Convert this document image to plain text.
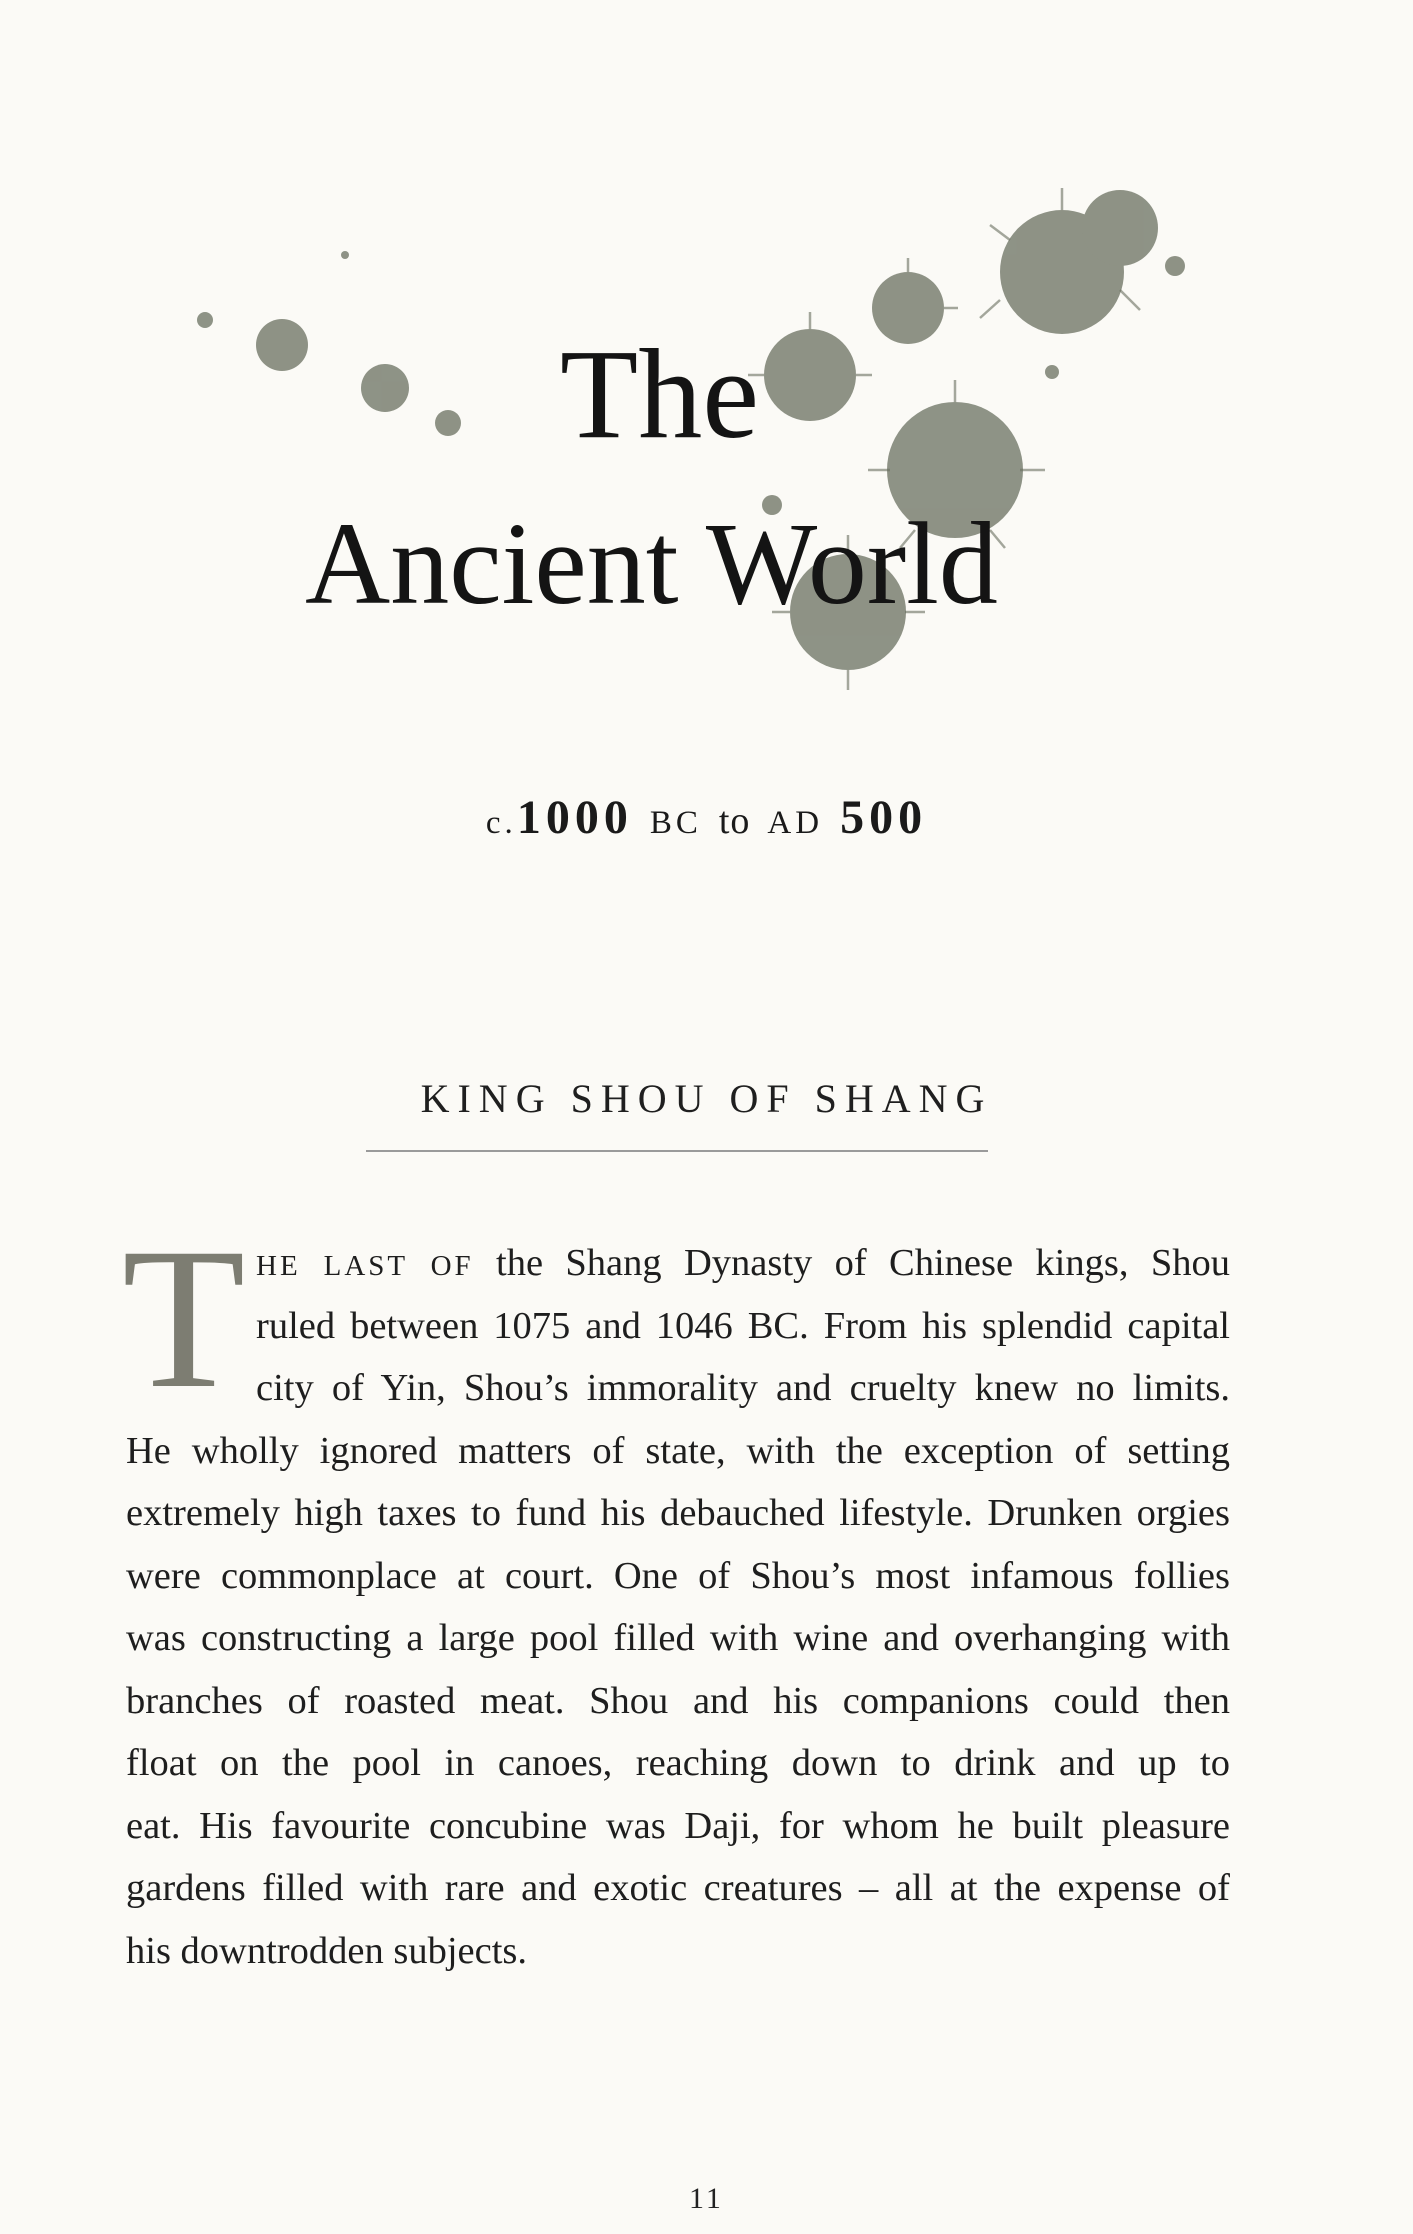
The
Ancient World
c.1000 BC to AD 500
KING SHOU OF SHANG
T HE LAST OF the Shang Dynasty of Chinese kings, Shou
ruled between 1075 and 1046 BC. From his splendid capital
city of Yin, Shou’s immorality and cruelty knew no limits.
He wholly ignored matters of state, with the exception of setting
extremely high taxes to fund his debauched lifestyle. Drunken orgies
were commonplace at court. One of Shou’s most infamous follies
was constructing a large pool filled with wine and overhanging with
branches of roasted meat. Shou and his companions could then
float on the pool in canoes, reaching down to drink and up to
eat. His favourite concubine was Daji, for whom he built pleasure
gardens filled with rare and exotic creatures – all at the expense of
his downtrodden subjects.
11
